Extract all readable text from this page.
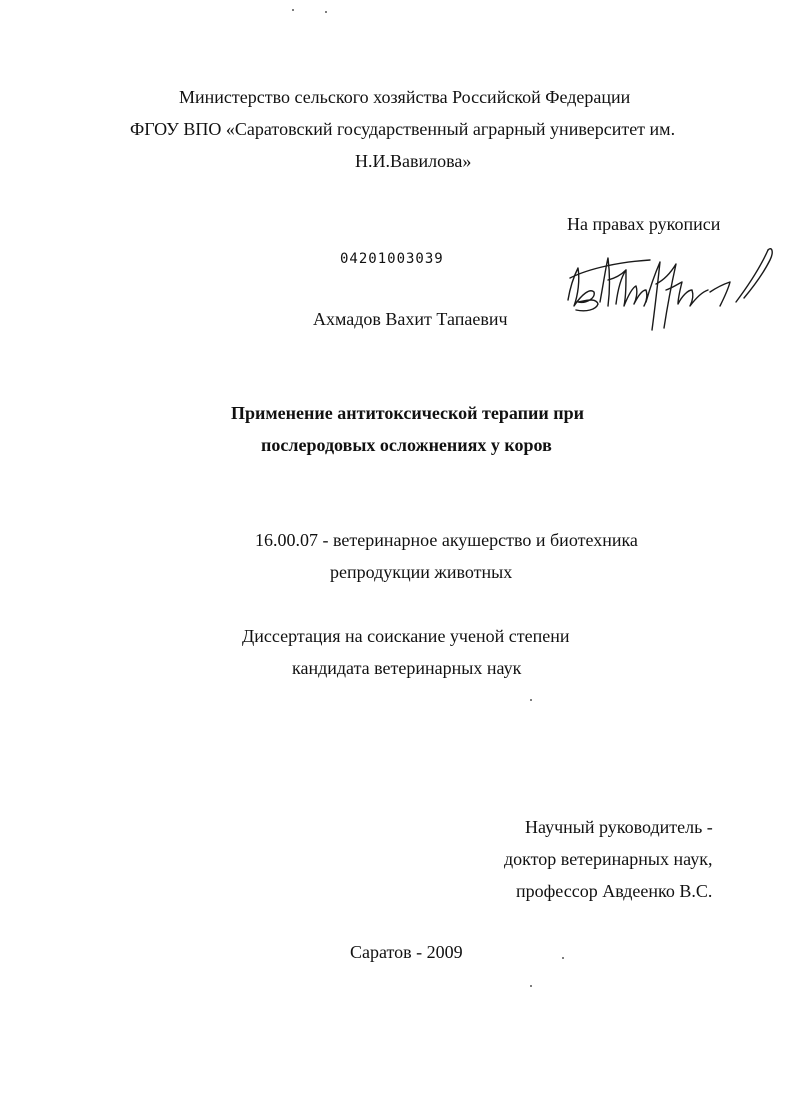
Министерство сельского хозяйства Российской Федерации
ФГОУ ВПО «Саратовский государственный аграрный университет им.
Н.И.Вавилова»
На правах рукописи
04201003039
Ахмадов Вахит Тапаевич
Применение антитоксической терапии при
послеродовых осложнениях у коров
16.00.07 - ветеринарное акушерство и биотехника
репродукции животных
Диссертация на соискание ученой степени
кандидата ветеринарных наук
Научный руководитель -
доктор ветеринарных наук,
профессор Авдеенко В.С.
Саратов - 2009
